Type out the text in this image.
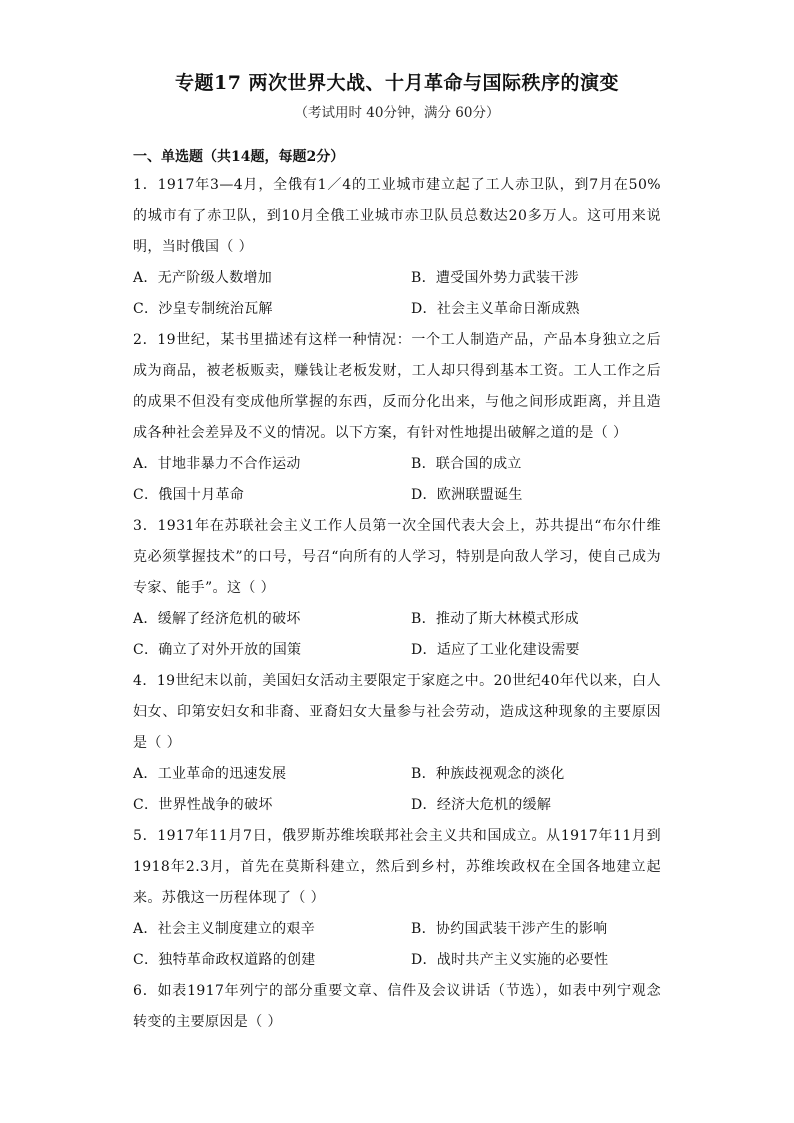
专题17 两次世界大战、十月革命与国际秩序的演变
（考试用时 40分钟，满分 60分）
一、单选题（共14题，每题2分）

1．1917年3—4月，全俄有1／4的工业城市建立起了工人赤卫队，到7月在50%的城市有了赤卫队，到10月全俄工业城市赤卫队员总数达20多万人。这可用来说明，当时俄国（ ）

A．无产阶级人数增加	B．遭受国外势力武装干涉
C．沙皇专制统治瓦解	D．社会主义革命日渐成熟

2．19世纪，某书里描述有这样一种情况：一个工人制造产品，产品本身独立之后成为商品，被老板贩卖，赚钱让老板发财，工人却只得到基本工资。工人工作之后的成果不但没有变成他所掌握的东西，反而分化出来，与他之间形成距离，并且造成各种社会差异及不义的情况。以下方案，有针对性地提出破解之道的是（ ）

A．甘地非暴力不合作运动	B．联合国的成立
C．俄国十月革命	D．欧洲联盟诞生

3．1931年在苏联社会主义工作人员第一次全国代表大会上，苏共提出“布尔什维克必须掌握技术”的口号，号召“向所有的人学习，特别是向敌人学习，使自己成为专家、能手”。这（ ）

A．缓解了经济危机的破坏	B．推动了斯大林模式形成
C．确立了对外开放的国策	D．适应了工业化建设需要

4．19世纪末以前，美国妇女活动主要限定于家庭之中。20世纪40年代以来，白人妇女、印第安妇女和非裔、亚裔妇女大量参与社会劳动，造成这种现象的主要原因是（ ）

A．工业革命的迅速发展	B．种族歧视观念的淡化
C．世界性战争的破坏	D．经济大危机的缓解

5．1917年11月7日，俄罗斯苏维埃联邦社会主义共和国成立。从1917年11月到1918年2.3月，首先在莫斯科建立，然后到乡村，苏维埃政权在全国各地建立起来。苏俄这一历程体现了（ ）

A．社会主义制度建立的艰辛	B．协约国武装干涉产生的影响
C．独特革命政权道路的创建	D．战时共产主义实施的必要性

6．如表1917年列宁的部分重要文章、信件及会议讲话（节选），如表中列宁观念转变的主要原因是（ ）
